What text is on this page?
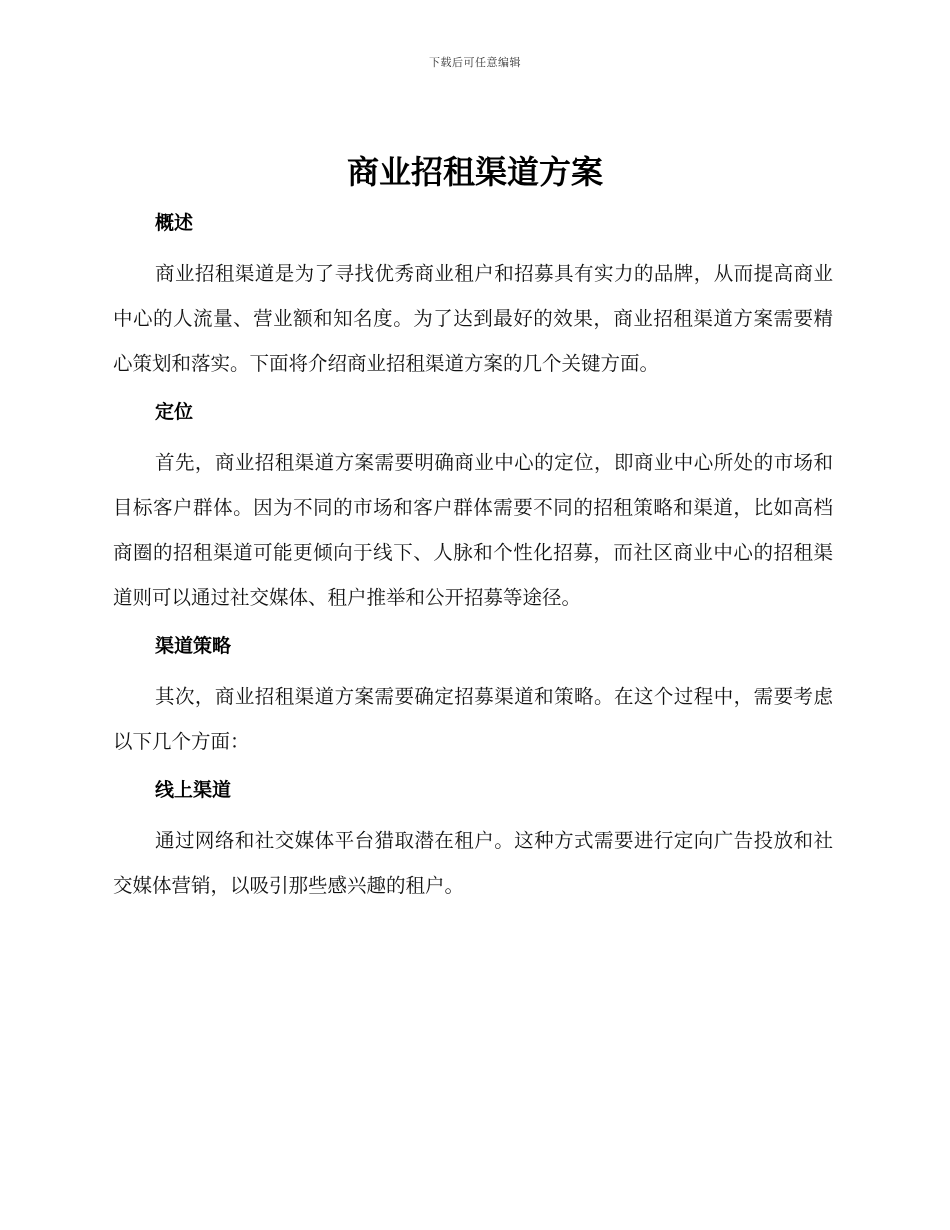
下载后可任意编辑
商业招租渠道方案
概述

商业招租渠道是为了寻找优秀商业租户和招募具有实力的品牌，从而提高商业中心的人流量、营业额和知名度。为了达到最好的效果，商业招租渠道方案需要精心策划和落实。下面将介绍商业招租渠道方案的几个关键方面。

定位

首先，商业招租渠道方案需要明确商业中心的定位，即商业中心所处的市场和目标客户群体。因为不同的市场和客户群体需要不同的招租策略和渠道，比如高档商圈的招租渠道可能更倾向于线下、人脉和个性化招募，而社区商业中心的招租渠道则可以通过社交媒体、租户推举和公开招募等途径。

渠道策略

其次，商业招租渠道方案需要确定招募渠道和策略。在这个过程中，需要考虑以下几个方面：

线上渠道

通过网络和社交媒体平台猎取潜在租户。这种方式需要进行定向广告投放和社交媒体营销，以吸引那些感兴趣的租户。
